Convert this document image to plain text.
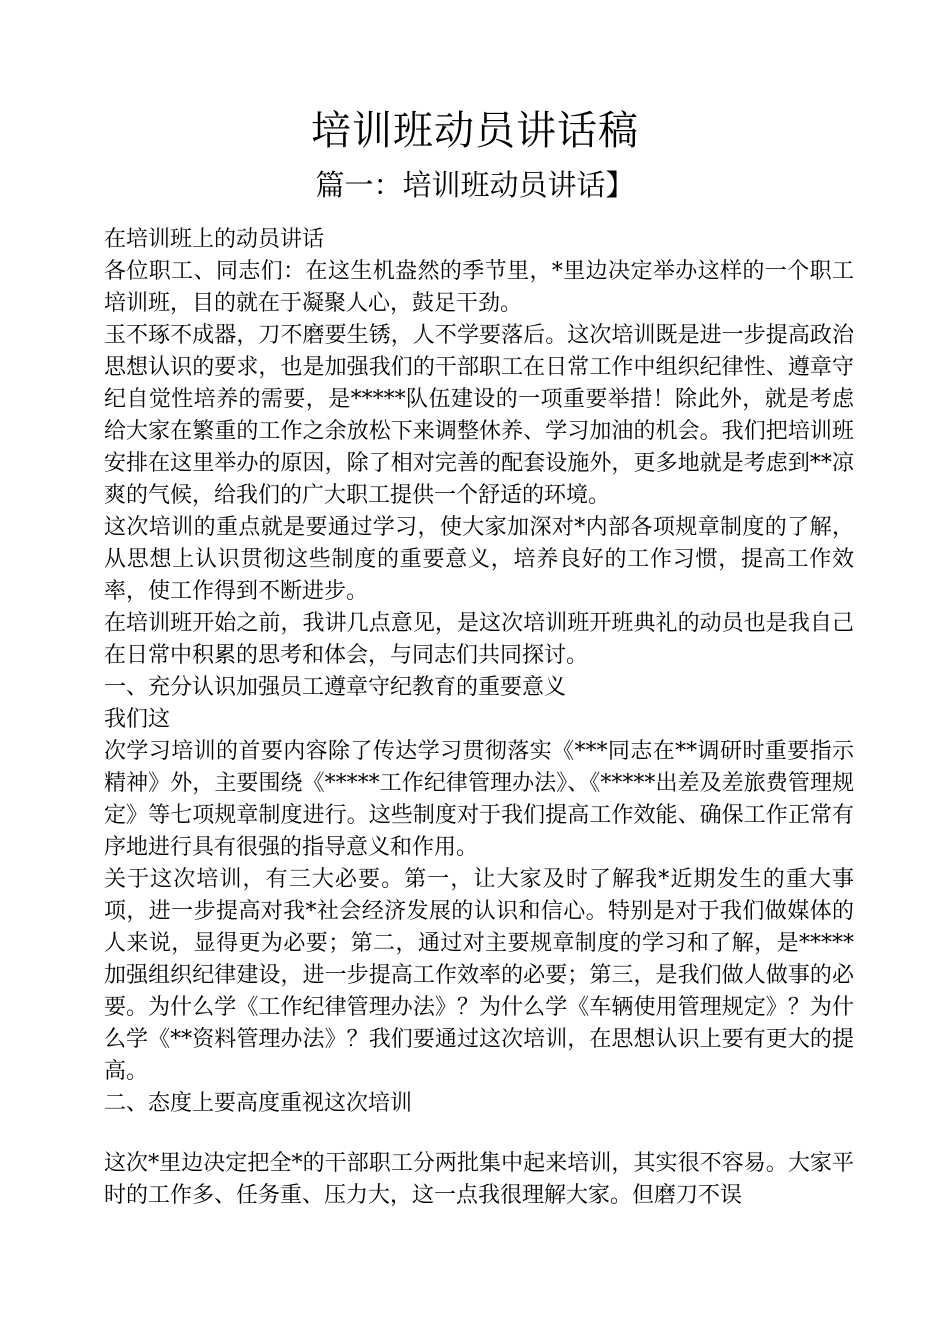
培训班动员讲话稿
篇一：培训班动员讲话】

在培训班上的动员讲话

各位职工、同志们：在这生机盎然的季节里，*里边决定举办这样的一个职工培训班，目的就在于凝聚人心，鼓足干劲。

玉不琢不成器，刀不磨要生锈，人不学要落后。这次培训既是进一步提高政治思想认识的要求，也是加强我们的干部职工在日常工作中组织纪律性、遵章守纪自觉性培养的需要，是*****队伍建设的一项重要举措！除此外，就是考虑给大家在繁重的工作之余放松下来调整休养、学习加油的机会。我们把培训班安排在这里举办的原因，除了相对完善的配套设施外，更多地就是考虑到**凉爽的气候，给我们的广大职工提供一个舒适的环境。

这次培训的重点就是要通过学习，使大家加深对*内部各项规章制度的了解，从思想上认识贯彻这些制度的重要意义，培养良好的工作习惯，提高工作效率，使工作得到不断进步。

在培训班开始之前，我讲几点意见，是这次培训班开班典礼的动员也是我自己在日常中积累的思考和体会，与同志们共同探讨。

一、充分认识加强员工遵章守纪教育的重要意义

我们这

次学习培训的首要内容除了传达学习贯彻落实《***同志在**调研时重要指示精神》外，主要围绕《*****工作纪律管理办法》、《*****出差及差旅费管理规定》等七项规章制度进行。这些制度对于我们提高工作效能、确保工作正常有序地进行具有很强的指导意义和作用。

关于这次培训，有三大必要。第一，让大家及时了解我*近期发生的重大事项，进一步提高对我*社会经济发展的认识和信心。特别是对于我们做媒体的人来说，显得更为必要；第二，通过对主要规章制度的学习和了解，是*****加强组织纪律建设，进一步提高工作效率的必要；第三，是我们做人做事的必要。为什么学《工作纪律管理办法》？为什么学《车辆使用管理规定》？为什么学《**资料管理办法》？我们要通过这次培训，在思想认识上要有更大的提高。

二、态度上要高度重视这次培训

这次*里边决定把全*的干部职工分两批集中起来培训，其实很不容易。大家平时的工作多、任务重、压力大，这一点我很理解大家。但磨刀不误
